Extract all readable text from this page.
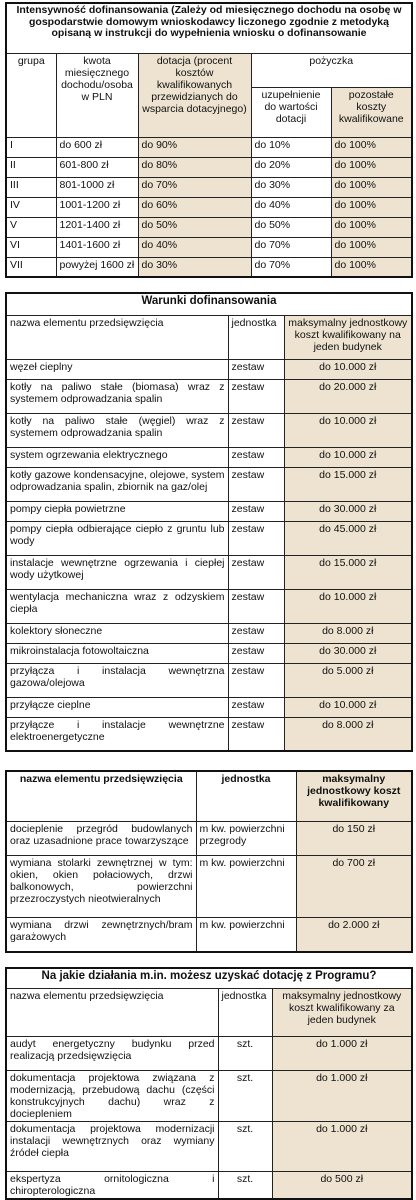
Intensywność dofinansowania (Zależy od miesięcznego dochodu na osobę w gospodarstwie domowym wnioskodawcy liczonego zgodnie z metodyką opisaną w instrukcji do wypełnienia wniosku o dofinansowanie				
grupa	kwota miesięcznego dochodu/osoba w PLN	dotacja (procent kosztów kwalifikowanych przewidzianych do wsparcia dotacyjnego)	pożyczka	
			uzupełnienie do wartości dotacji	pozostałe koszty kwalifikowane
I	do 600 zł	do 90%	do 10%	do 100%
II	601-800 zł	do 80%	do 20%	do 100%
III	801-1000 zł	do 70%	do 30%	do 100%
IV	1001-1200 zł	do 60%	do 40%	do 100%
V	1201-1400 zł	do 50%	do 50%	do 100%
VI	1401-1600 zł	do 40%	do 70%	do 100%
VII	powyżej 1600 zł	do 30%	do 70%	do 100%
Warunki dofinansowania		
nazwa elementu przedsięwzięcia	jednostka	maksymalny jednostkowy koszt kwalifikowany na jeden budynek
węzeł cieplny	zestaw	do 10.000 zł
kotły na paliwo stałe (biomasa) wraz z systemem odprowadzania spalin	zestaw	do 20.000 zł
kotły na paliwo stałe (węgiel) wraz z systemem odprowadzania spalin	zestaw	do 10.000 zł
system ogrzewania elektrycznego	zestaw	do 10.000 zł
kotły gazowe kondensacyjne, olejowe, system odprowadzania spalin, zbiornik na gaz/olej	zestaw	do 15.000 zł
pompy ciepła powietrzne	zestaw	do 30.000 zł
pompy ciepła odbierające ciepło z gruntu lub wody	zestaw	do 45.000 zł
instalacje wewnętrzne ogrzewania i ciepłej wody użytkowej	zestaw	do 15.000 zł
wentylacja mechaniczna wraz z odzyskiem ciepła	zestaw	do 10.000 zł
kolektory słoneczne	zestaw	do 8.000 zł
mikroinstalacja fotowoltaiczna	zestaw	do 30.000 zł
przyłącza i instalacja wewnętrzna gazowa/olejowa	zestaw	do 5.000 zł
przyłącze cieplne	zestaw	do 10.000 zł
przyłącze i instalacje wewnętrzne elektroenergetyczne	zestaw	do 8.000 zł
nazwa elementu przedsięwzięcia	jednostka	maksymalny jednostkowy koszt kwalifikowany
docieplenie przegród budowlanych oraz uzasadnione prace towarzyszące	m kw. powierzchni przegrody	do 150 zł
wymiana stolarki zewnętrznej w tym: okien, okien połaciowych, drzwi balkonowych, powierzchni przezroczystych nieotwieralnych	m kw. powierzchni	do 700 zł
wymiana drzwi zewnętrznych/bram garażowych	m kw. powierzchni	do 2.000 zł
Na jakie działania m.in. możesz uzyskać dotację z Programu?		
nazwa elementu przedsięwzięcia	jednostka	maksymalny jednostkowy koszt kwalifikowany za jeden budynek
audyt energetyczny budynku przed realizacją przedsięwzięcia	szt.	do 1.000 zł
dokumentacja projektowa związana z modernizacją, przebudową dachu (części konstrukcyjnych dachu) wraz z dociepleniem	szt.	do 1.000 zł
dokumentacja projektowa modernizacji instalacji wewnętrznych oraz wymiany źródeł ciepła	szt.	do 1.000 zł
ekspertyza ornitologiczna i chiropterologiczna	szt.	do 500 zł
